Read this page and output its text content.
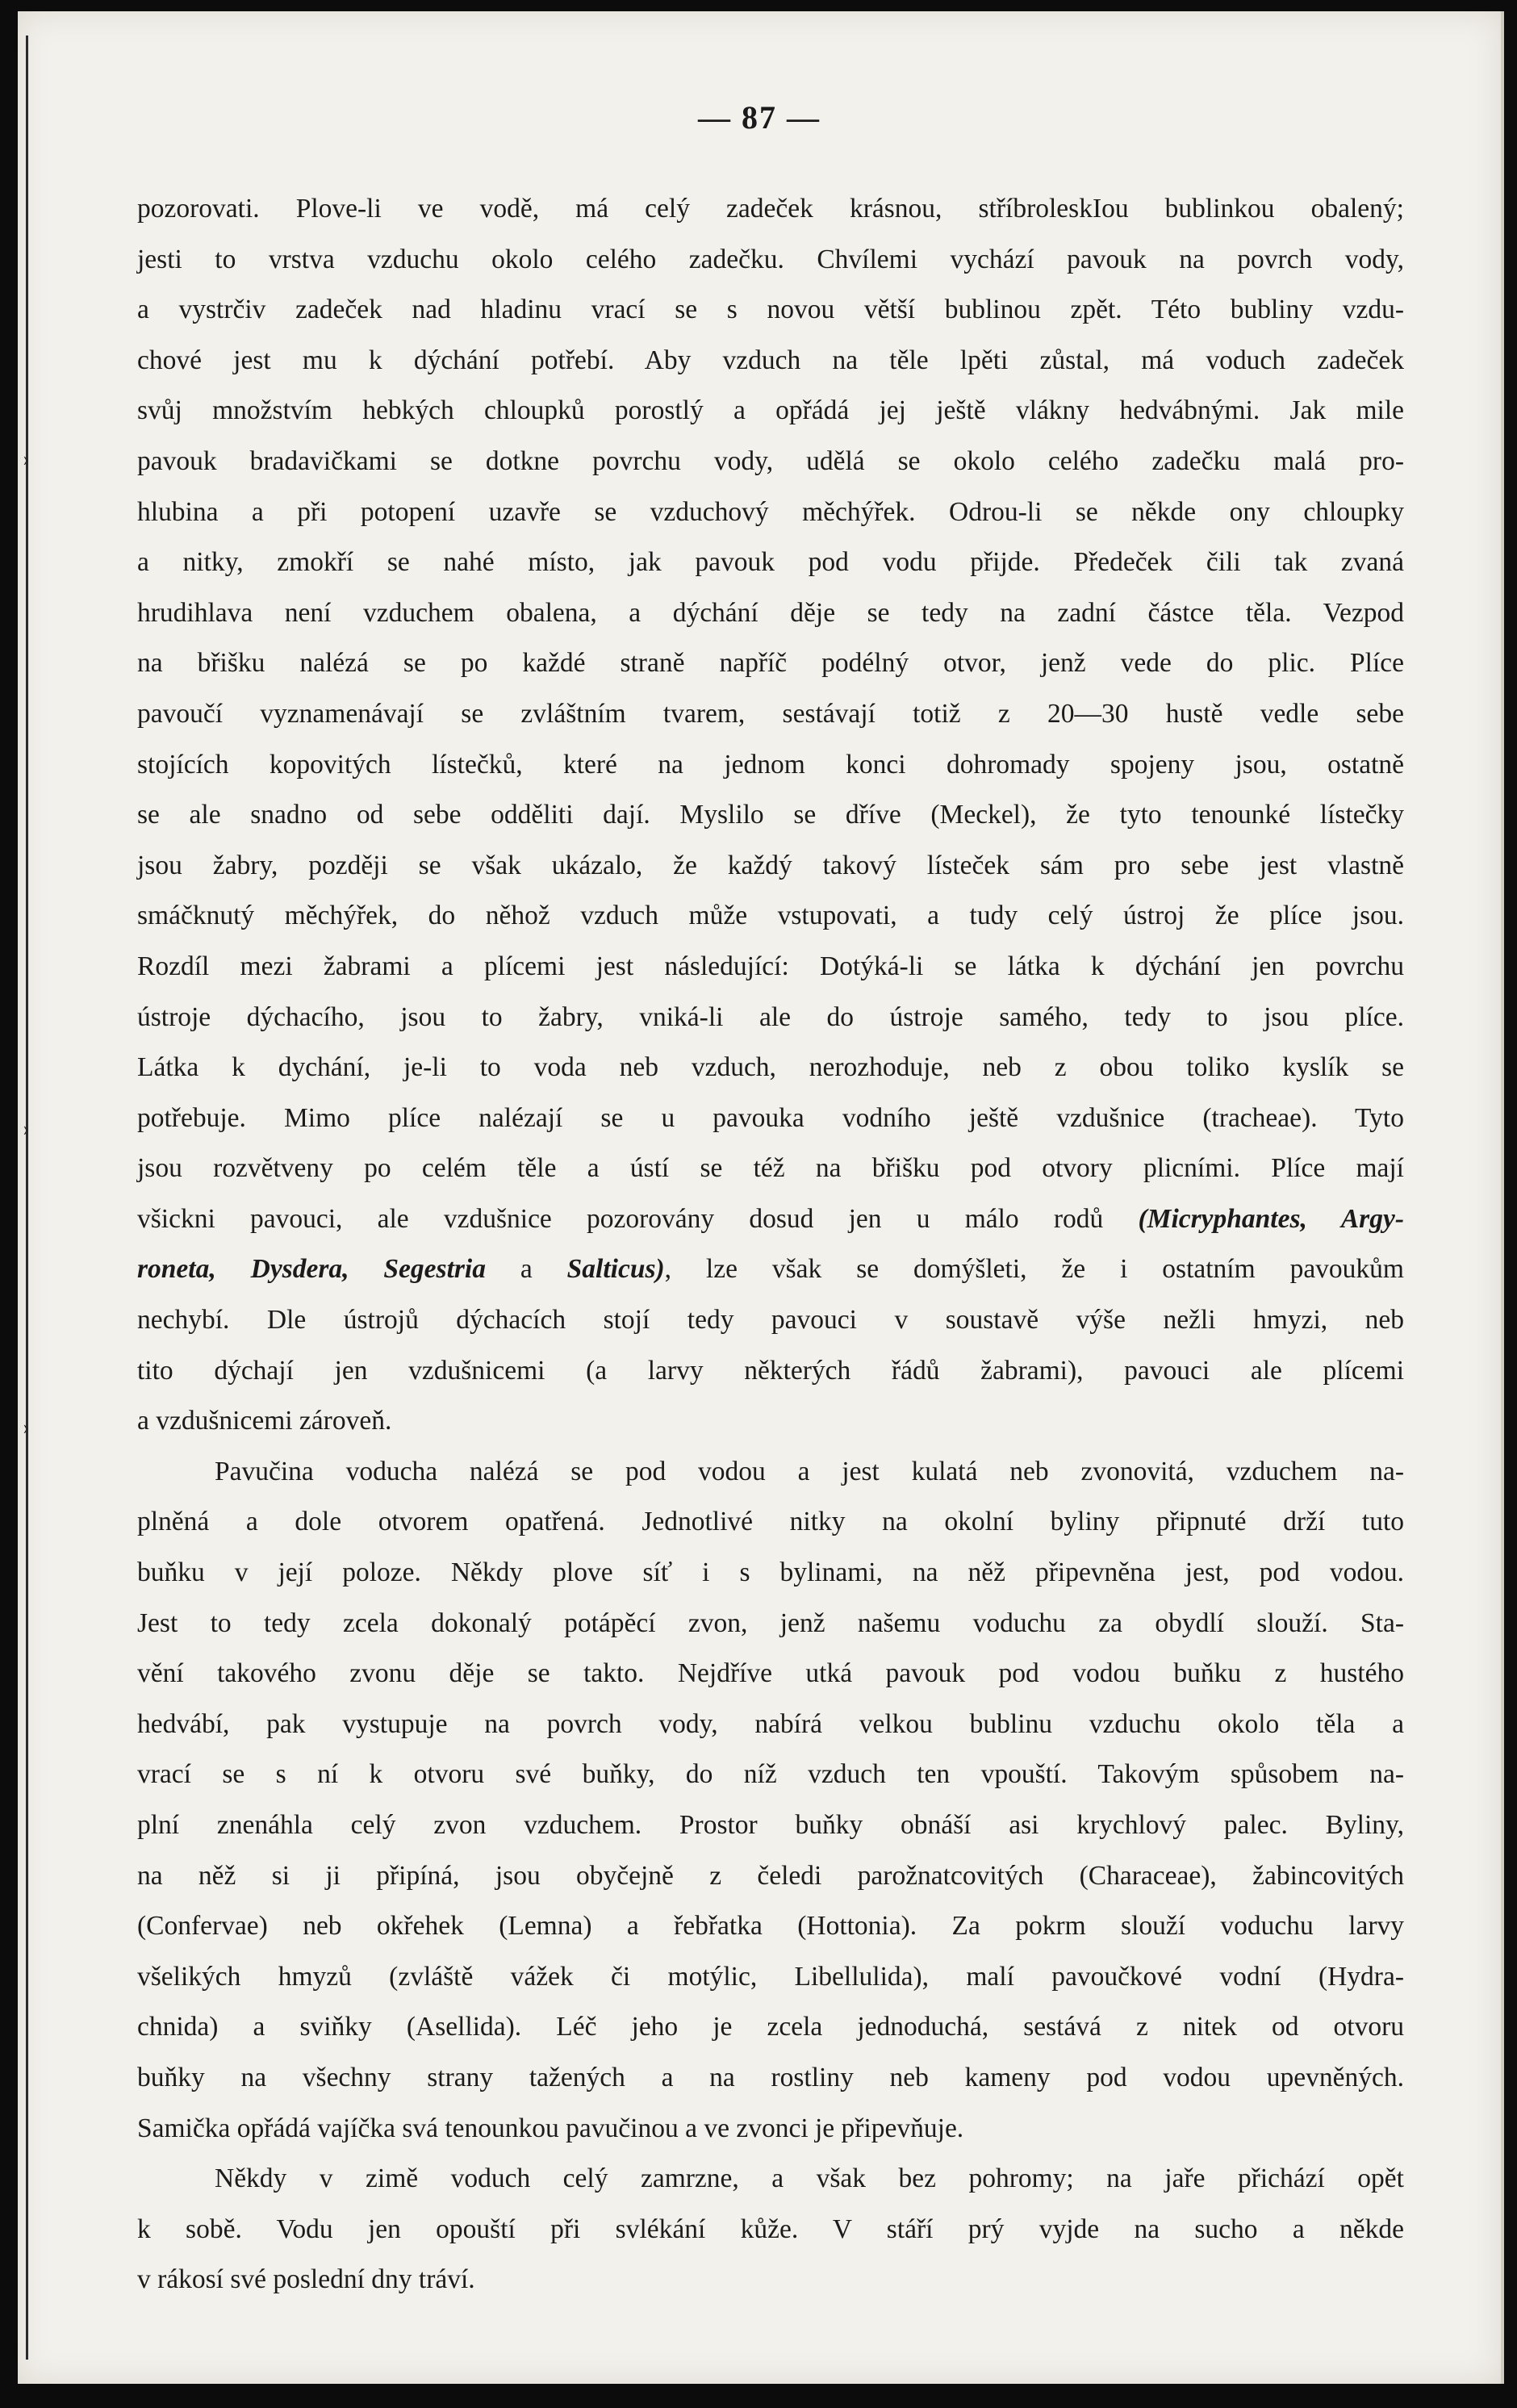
— 87 —
pozorovati. Plove-li ve vodě, má celý zadeček krásnou, stříbroleskIou bublinkou obalený;
jesti to vrstva vzduchu okolo celého zadečku. Chvílemi vychází pavouk na povrch vody,
a vystrčiv zadeček nad hladinu vrací se s novou větší bublinou zpět. Této bubliny vzdu-
chové jest mu k dýchání potřebí. Aby vzduch na těle lpěti zůstal, má voduch zadeček
svůj množstvím hebkých chloupků porostlý a opřádá jej ještě vlákny hedvábnými. Jak mile
pavouk bradavičkami se dotkne povrchu vody, udělá se okolo celého zadečku malá pro-
hlubina a při potopení uzavře se vzduchový měchýřek. Odrou-li se někde ony chloupky
a nitky, zmokří se nahé místo, jak pavouk pod vodu přijde. Předeček čili tak zvaná
hrudihlava není vzduchem obalena, a dýchání děje se tedy na zadní částce těla. Vezpod
na břišku nalézá se po každé straně napříč podélný otvor, jenž vede do plic. Plíce
pavoučí vyznamenávají se zvláštním tvarem, sestávají totiž z 20—30 hustě vedle sebe
stojících kopovitých lístečků, které na jednom konci dohromady spojeny jsou, ostatně
se ale snadno od sebe odděliti dají. Myslilo se dříve (Meckel), že tyto tenounké lístečky
jsou žabry, později se však ukázalo, že každý takový lísteček sám pro sebe jest vlastně
smáčknutý měchýřek, do něhož vzduch může vstupovati, a tudy celý ústroj že plíce jsou.
Rozdíl mezi žabrami a plícemi jest následující: Dotýká-li se látka k dýchání jen povrchu
ústroje dýchacího, jsou to žabry, vniká-li ale do ústroje samého, tedy to jsou plíce.
Látka k dychání, je-li to voda neb vzduch, nerozhoduje, neb z obou toliko kyslík se
potřebuje. Mimo plíce nalézají se u pavouka vodního ještě vzdušnice (tracheae). Tyto
jsou rozvětveny po celém těle a ústí se též na břišku pod otvory plicními. Plíce mají
všickni pavouci, ale vzdušnice pozorovány dosud jen u málo rodů (Micryphantes, Argy-
roneta, Dysdera, Segestria a Salticus), lze však se domýšleti, že i ostatním pavoukům
nechybí. Dle ústrojů dýchacích stojí tedy pavouci v soustavě výše nežli hmyzi, neb
tito dýchají jen vzdušnicemi (a larvy některých řádů žabrami), pavouci ale plícemi
a vzdušnicemi zároveň.
Pavučina voducha nalézá se pod vodou a jest kulatá neb zvonovitá, vzduchem na-
plněná a dole otvorem opatřená. Jednotlivé nitky na okolní byliny připnuté drží tuto
buňku v její poloze. Někdy plove síť i s bylinami, na něž připevněna jest, pod vodou.
Jest to tedy zcela dokonalý potápěcí zvon, jenž našemu voduchu za obydlí slouží. Sta-
vění takového zvonu děje se takto. Nejdříve utká pavouk pod vodou buňku z hustého
hedvábí, pak vystupuje na povrch vody, nabírá velkou bublinu vzduchu okolo těla a
vrací se s ní k otvoru své buňky, do níž vzduch ten vpouští. Takovým spůsobem na-
plní znenáhla celý zvon vzduchem. Prostor buňky obnáší asi krychlový palec. Byliny,
na něž si ji připíná, jsou obyčejně z čeledi parožnatcovitých (Characeae), žabincovitých
(Confervae) neb okřehek (Lemna) a řebřatka (Hottonia). Za pokrm slouží voduchu larvy
všelikých hmyzů (zvláště vážek či motýlic, Libellulida), malí pavoučkové vodní (Hydra-
chnida) a sviňky (Asellida). Léč jeho je zcela jednoduchá, sestává z nitek od otvoru
buňky na všechny strany tažených a na rostliny neb kameny pod vodou upevněných.
Samička opřádá vajíčka svá tenounkou pavučinou a ve zvonci je připevňuje.
Někdy v zimě voduch celý zamrzne, a však bez pohromy; na jaře přichází opět
k sobě. Vodu jen opouští při svlékání kůže. V stáří prý vyjde na sucho a někde
v rákosí své poslední dny tráví.
›
›
›
